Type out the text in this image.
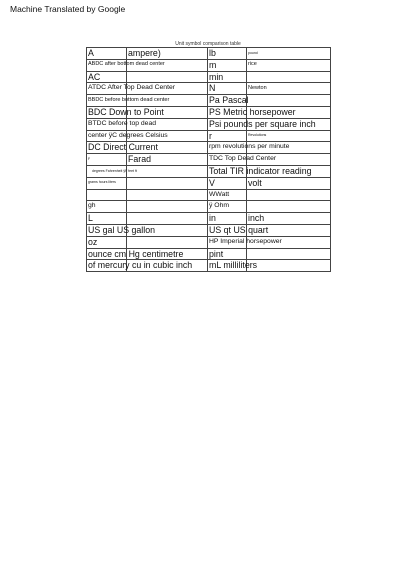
Machine Translated by Google
Unit symbol comparison table
A	ampere)	lb	pound
ABDC after bottom dead center		m	rice
AC		min	
ATDC After Top Dead Center		N	Newton
BBDC before bottom dead center		Pa Pascal	
BDC Down to Point		PS Metric horsepower	
BTDC before top dead		Psi pounds per square inch	
center ÿC degrees Celsius		r	Revolutions
DC Direct Current		rpm revolutions per minute	
F	Farad	TDC Top Dead Center	
degrees Fahrenheit ÿF feet ft		Total TIR indicator reading	
grams hours liters		V	volt
		WWatt	
gh		ÿ Ohm	
L		in	inch
US gal US gallon		US qt US quart	
oz		HP Imperial horsepower	
ounce cm Hg centimetre		pint	
of mercury cu in cubic inch		mL milliliters	
